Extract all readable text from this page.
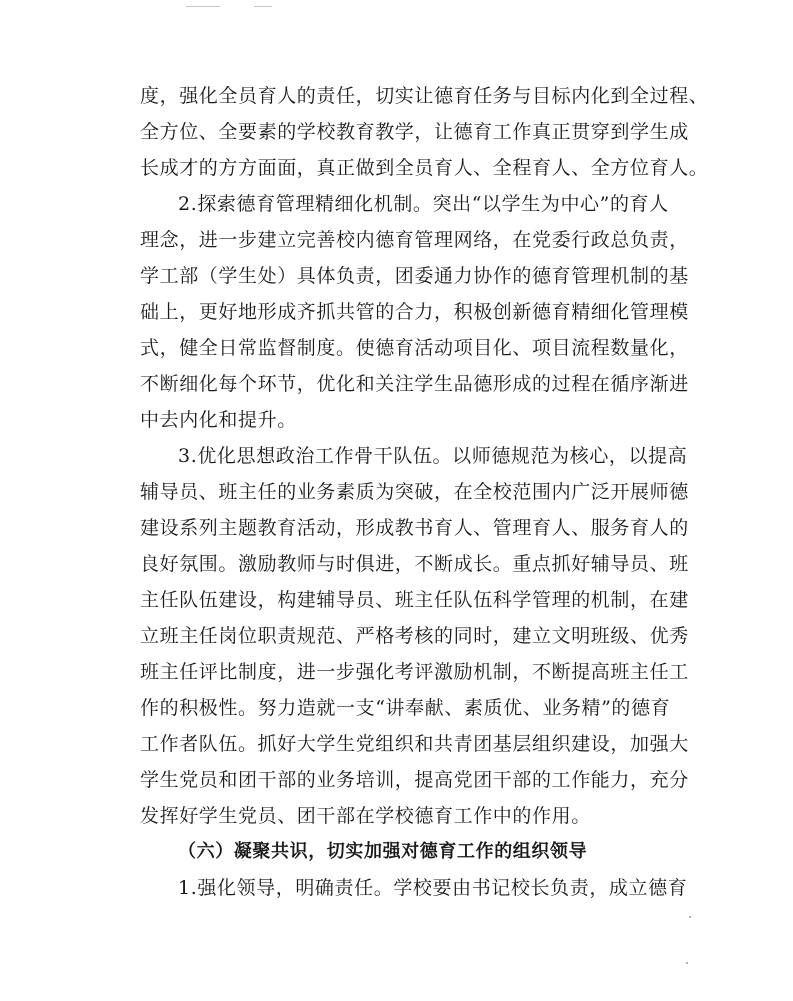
度，强化全员育人的责任，切实让德育任务与目标内化到全过程、
全方位、全要素的学校教育教学，让德育工作真正贯穿到学生成
长成才的方方面面，真正做到全员育人、全程育人、全方位育人。
2.探索德育管理精细化机制。突出“以学生为中心”的育人
理念，进一步建立完善校内德育管理网络，在党委行政总负责，
学工部（学生处）具体负责，团委通力协作的德育管理机制的基
础上，更好地形成齐抓共管的合力，积极创新德育精细化管理模
式，健全日常监督制度。使德育活动项目化、项目流程数量化，
不断细化每个环节，优化和关注学生品德形成的过程在循序渐进
中去内化和提升。
3.优化思想政治工作骨干队伍。以师德规范为核心，以提高
辅导员、班主任的业务素质为突破，在全校范围内广泛开展师德
建设系列主题教育活动，形成教书育人、管理育人、服务育人的
良好氛围。激励教师与时俱进，不断成长。重点抓好辅导员、班
主任队伍建设，构建辅导员、班主任队伍科学管理的机制，在建
立班主任岗位职责规范、严格考核的同时，建立文明班级、优秀
班主任评比制度，进一步强化考评激励机制，不断提高班主任工
作的积极性。努力造就一支“讲奉献、素质优、业务精”的德育
工作者队伍。抓好大学生党组织和共青团基层组织建设，加强大
学生党员和团干部的业务培训，提高党团干部的工作能力，充分
发挥好学生党员、团干部在学校德育工作中的作用。
（六）凝聚共识，切实加强对德育工作的组织领导
1.强化领导，明确责任。学校要由书记校长负责，成立德育
